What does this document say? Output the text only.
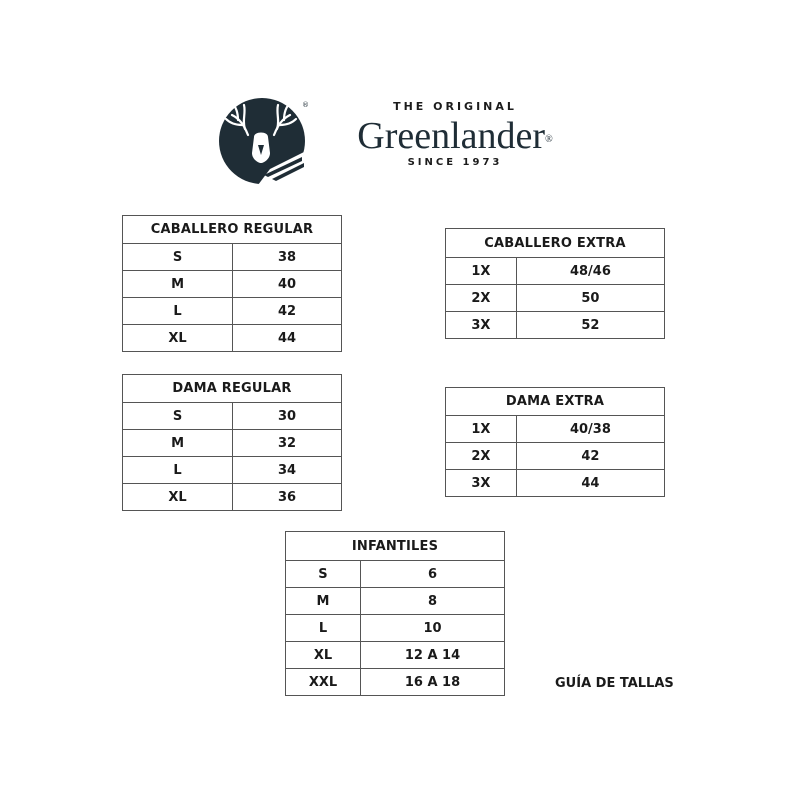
®	THE ORIGINAL
Greenlander®
SINCE 1973
CABALLERO REGULAR	
S	38
M	40
L	42
XL	44
CABALLERO EXTRA	
1X	48/46
2X	50
3X	52
DAMA REGULAR	
S	30
M	32
L	34
XL	36
DAMA EXTRA	
1X	40/38
2X	42
3X	44
INFANTILES	
S	6
M	8
L	10
XL	12 A 14
XXL	16 A 18	GUÍA DE TALLAS
